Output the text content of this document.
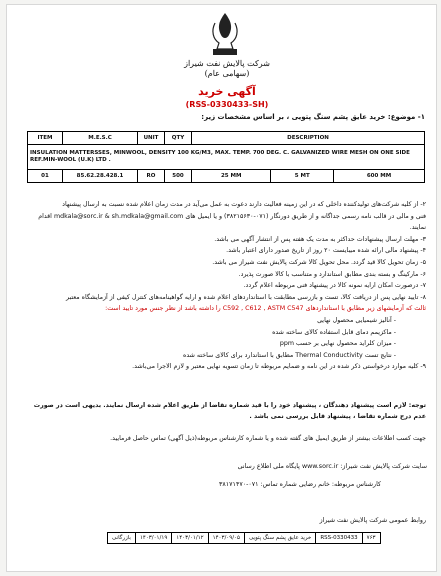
شرکت پالایش نفت شیراز
(سهامی عام)
آگهی خرید
(RSS-0330433-SH)
۱- موضوع: خرید عایق پشم سنگ پتویی ، بر اساس مشخصات زیر:
ITEM	M.E.S.C	UNIT	QTY	DESCRIPTION		
INSULATION MATTERSSES, MINWOOL, DENSITY 100 KG/M3, MAX. TEMP. 700 DEG. C. GALVANIZED WIRE MESH ON ONE SIDE REF.MIN-WOOL (U.K) LTD .						
01	85.62.28.428.1	RO	500	25 MM	5 MT	600 MM
۲- از کلیه شرکت‌های تولیدکننده داخلی که در این زمینه فعالیت دارند دعوت به عمل می‌آید در مدت زمان اعلام شده نسبت به ارسال پیشنهاد
فنی و مالی در قالب نامه رسمی جداگانه و از طریق دورنگار (۰۷۱-۳۸۲۱۵۶۳۰) و یا ایمیل های mdkala@sorc.ir & sh.mdkala@gmail.com اقدام نمایند.
۳- مهلت ارسال پیشنهادات حداکثر به مدت یک هفته پس از انتشار آگهی می باشد.
۴- پیشنهاد مالی ارائه شده میبایست ۲۰ روز از تاریخ صدور دارای اعتبار باشد.
۵- زمان تحویل کالا قید گردد. محل تحویل کالا شرکت پالایش نفت شیراز می باشد.
۶- مارکینگ و بسته بندی مطابق استاندارد و متناسب با کالا صورت پذیرد.
۷- درصورت امکان ارایه نمونه کالا در پیشنهاد فنی مربوطه اعلام گردد.
۸- تایید نهایی پس از دریافت کالا، تست و بازرسی مطابقت با استانداردهای اعلام شده و ارایه گواهینامه‌های کنترل کیفی از آزمایشگاه معتبر
ثالث که آزمایشهای زیر مطابق با استانداردهای C592 , C612 , ASTM C547 را داشته باشد از نظر جنس مورد تایید است:
- آنالیز شیمیایی محصول نهایی
- ماکزیمم دمای قابل استفاده کالای ساخته شده
- میزان کلراید محصول نهایی بر حسب ppm
- نتایج تست Thermal Conductivity مطابق با استاندارد برای کالای ساخته شده
۹- کلیه موارد درخواستی ذکر شده در این نامه و ضمایم مربوطه تا زمان تسویه نهایی معتبر و لازم الاجرا می‌باشد.
توجه: لازم است پیشنهاد دهندگان ، پیشنهاد خود را با قید شماره تقاضا از طریق اعلام شده ارسال نمایند. بدیهی است در صورت عدم درج شماره تقاضا ، پیشنهاد قابل بررسی نمی باشد .
جهت کسب اطلاعات بیشتر از طریق ایمیل های گفته شده و یا شماره کارشناس مربوطه(ذیل آگهی) تماس حاصل فرمایید.
سایت شرکت پالایش نفت شیراز: www.sorc.ir پایگاه ملی اطلاع رسانی
کارشناس مربوطه: خانم رضایی شماره تماس: ۰۷۱-۳۸۱۷۱۴۷۰
روابط عمومی شرکت پالایش نفت شیراز
۷۶۳	RSS-0330433	خرید عایق پشم سنگ پتویی	۱۴۰۳/۰۹/۰۵	۱۴۰۳/۰۱/۱۲	۱۴۰۳/۰۱/۱۹	بازرگانی
